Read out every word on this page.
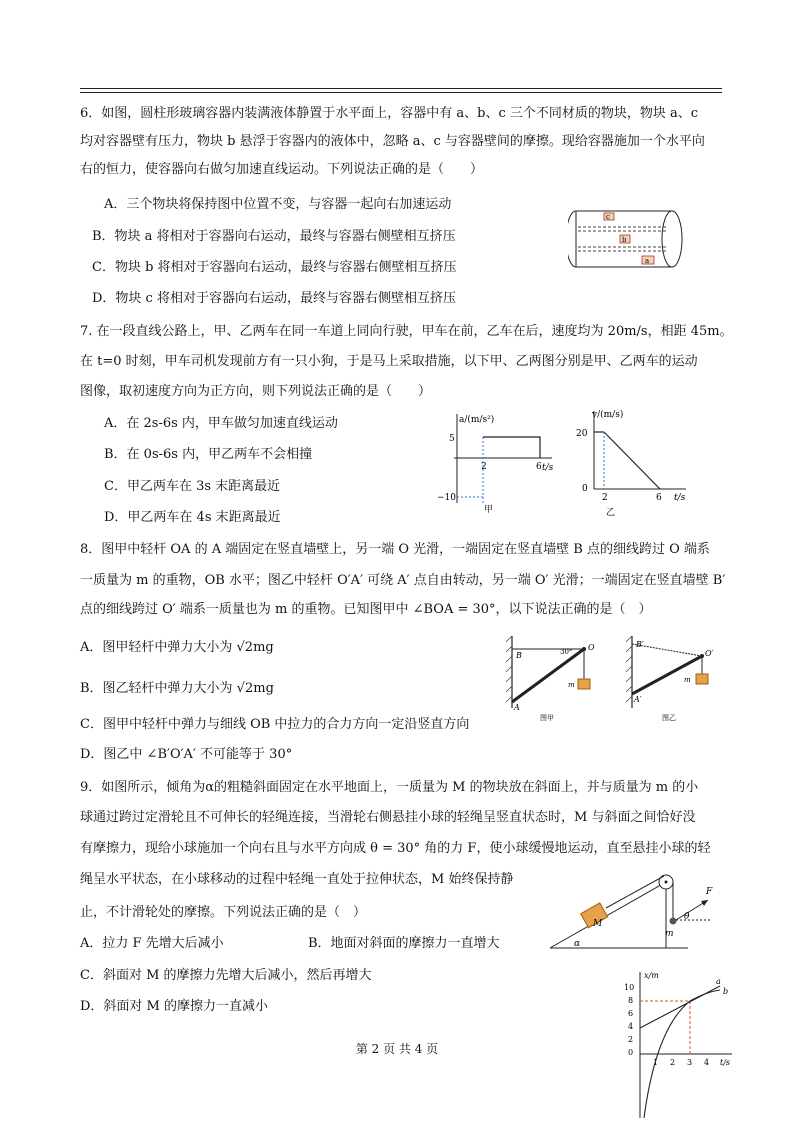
6．如图，圆柱形玻璃容器内装满液体静置于水平面上，容器中有 a、b、c 三个不同材质的物块，物块 a、c
均对容器壁有压力，物块 b 悬浮于容器内的液体中，忽略 a、c 与容器壁间的摩擦。现给容器施加一个水平向
右的恒力，使容器向右做匀加速直线运动。下列说法正确的是（　　）
A．三个物块将保持图中位置不变，与容器一起向右加速运动
B．物块 a 将相对于容器向右运动，最终与容器右侧壁相互挤压
C．物块 b 将相对于容器向右运动，最终与容器右侧壁相互挤压
D．物块 c 将相对于容器向右运动，最终与容器右侧壁相互挤压
c
b
a
7. 在一段直线公路上，甲、乙两车在同一车道上同向行驶，甲车在前，乙车在后，速度均为 20m/s，相距 45m。
在 t=0 时刻，甲车司机发现前方有一只小狗，于是马上采取措施，以下甲、乙两图分别是甲、乙两车的运动
图像，取初速度方向为正方向，则下列说法正确的是（　　）
A．在 2s-6s 内，甲车做匀加速直线运动
B．在 0s-6s 内，甲乙两车不会相撞
C．甲乙两车在 3s 末距离最近
D．甲乙两车在 4s 末距离最近
a/(m/s²)
t/s
5
−10
2	6
甲
v/(m/s)
t/s
20
0
2	6
乙
8．图甲中轻杆 OA 的 A 端固定在竖直墙壁上，另一端 O 光滑，一端固定在竖直墙壁 B 点的细线跨过 O 端系
一质量为 m 的重物，OB 水平；图乙中轻杆 O′A′ 可绕 A′ 点自由转动，另一端 O′ 光滑；一端固定在竖直墙壁 B′
点的细线跨过 O′ 端系一质量也为 m 的重物。已知图甲中 ∠BOA = 30°，以下说法正确的是（　）
A．图甲轻杆中弹力大小为 √2mg
B．图乙轻杆中弹力大小为 √2mg
C．图甲中轻杆中弹力与细线 OB 中拉力的合力方向一定沿竖直方向
D．图乙中 ∠B′O′A′ 不可能等于 30°
B
O
A
30°
m
图甲
B′
O′
A′
m
图乙
9．如图所示，倾角为α的粗糙斜面固定在水平地面上，一质量为 M 的物块放在斜面上，并与质量为 m 的小
球通过跨过定滑轮且不可伸长的轻绳连接，当滑轮右侧悬挂小球的轻绳呈竖直状态时，M 与斜面之间恰好没
有摩擦力，现给小球施加一个向右且与水平方向成 θ = 30° 角的力 F，使小球缓慢地运动，直至悬挂小球的轻
绳呈水平状态，在小球移动的过程中轻绳一直处于拉伸状态，M 始终保持静
止，不计滑轮处的摩擦。下列说法正确的是（　）
A．拉力 F 先增大后减小	B．地面对斜面的摩擦力一直增大
C．斜面对 M 的摩擦力先增大后减小，然后再增大
D．斜面对 M 的摩擦力一直减小
M
m
F
θ
α
x/m
t/s
10
8
6
4
2
0
1 2 3 4
a
b
第 2 页 共 4 页
